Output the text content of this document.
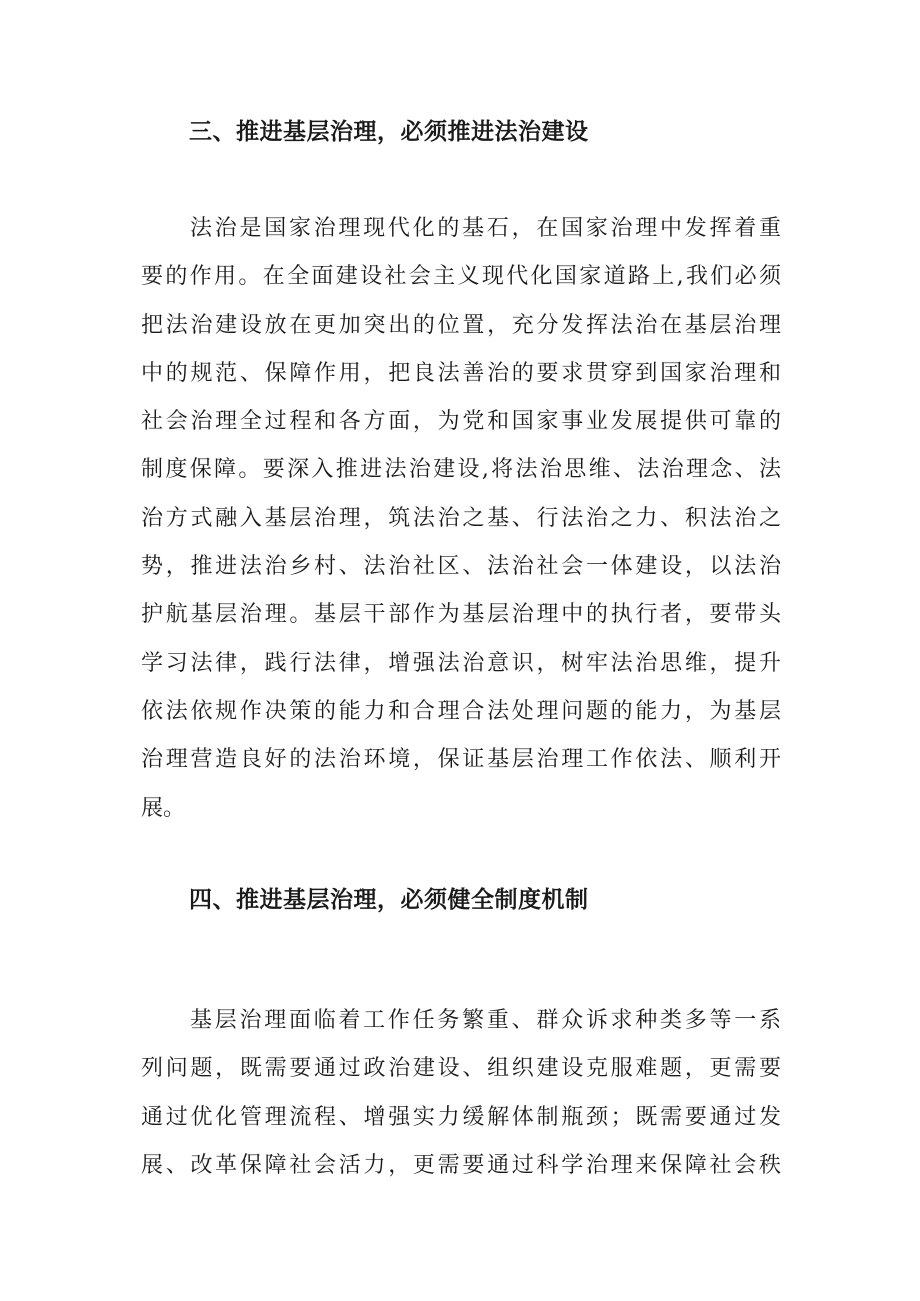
三、推进基层治理，必须推进法治建设
法治是国家治理现代化的基石，在国家治理中发挥着重
要的作用。在全面建设社会主义现代化国家道路上,我们必须
把法治建设放在更加突出的位置，充分发挥法治在基层治理
中的规范、保障作用，把良法善治的要求贯穿到国家治理和
社会治理全过程和各方面，为党和国家事业发展提供可靠的
制度保障。要深入推进法治建设,将法治思维、法治理念、法
治方式融入基层治理，筑法治之基、行法治之力、积法治之
势，推进法治乡村、法治社区、法治社会一体建设，以法治
护航基层治理。基层干部作为基层治理中的执行者，要带头
学习法律，践行法律，增强法治意识，树牢法治思维，提升
依法依规作决策的能力和合理合法处理问题的能力，为基层
治理营造良好的法治环境，保证基层治理工作依法、顺利开
展。
四、推进基层治理，必须健全制度机制
基层治理面临着工作任务繁重、群众诉求种类多等一系
列问题，既需要通过政治建设、组织建设克服难题，更需要
通过优化管理流程、增强实力缓解体制瓶颈；既需要通过发
展、改革保障社会活力，更需要通过科学治理来保障社会秩
